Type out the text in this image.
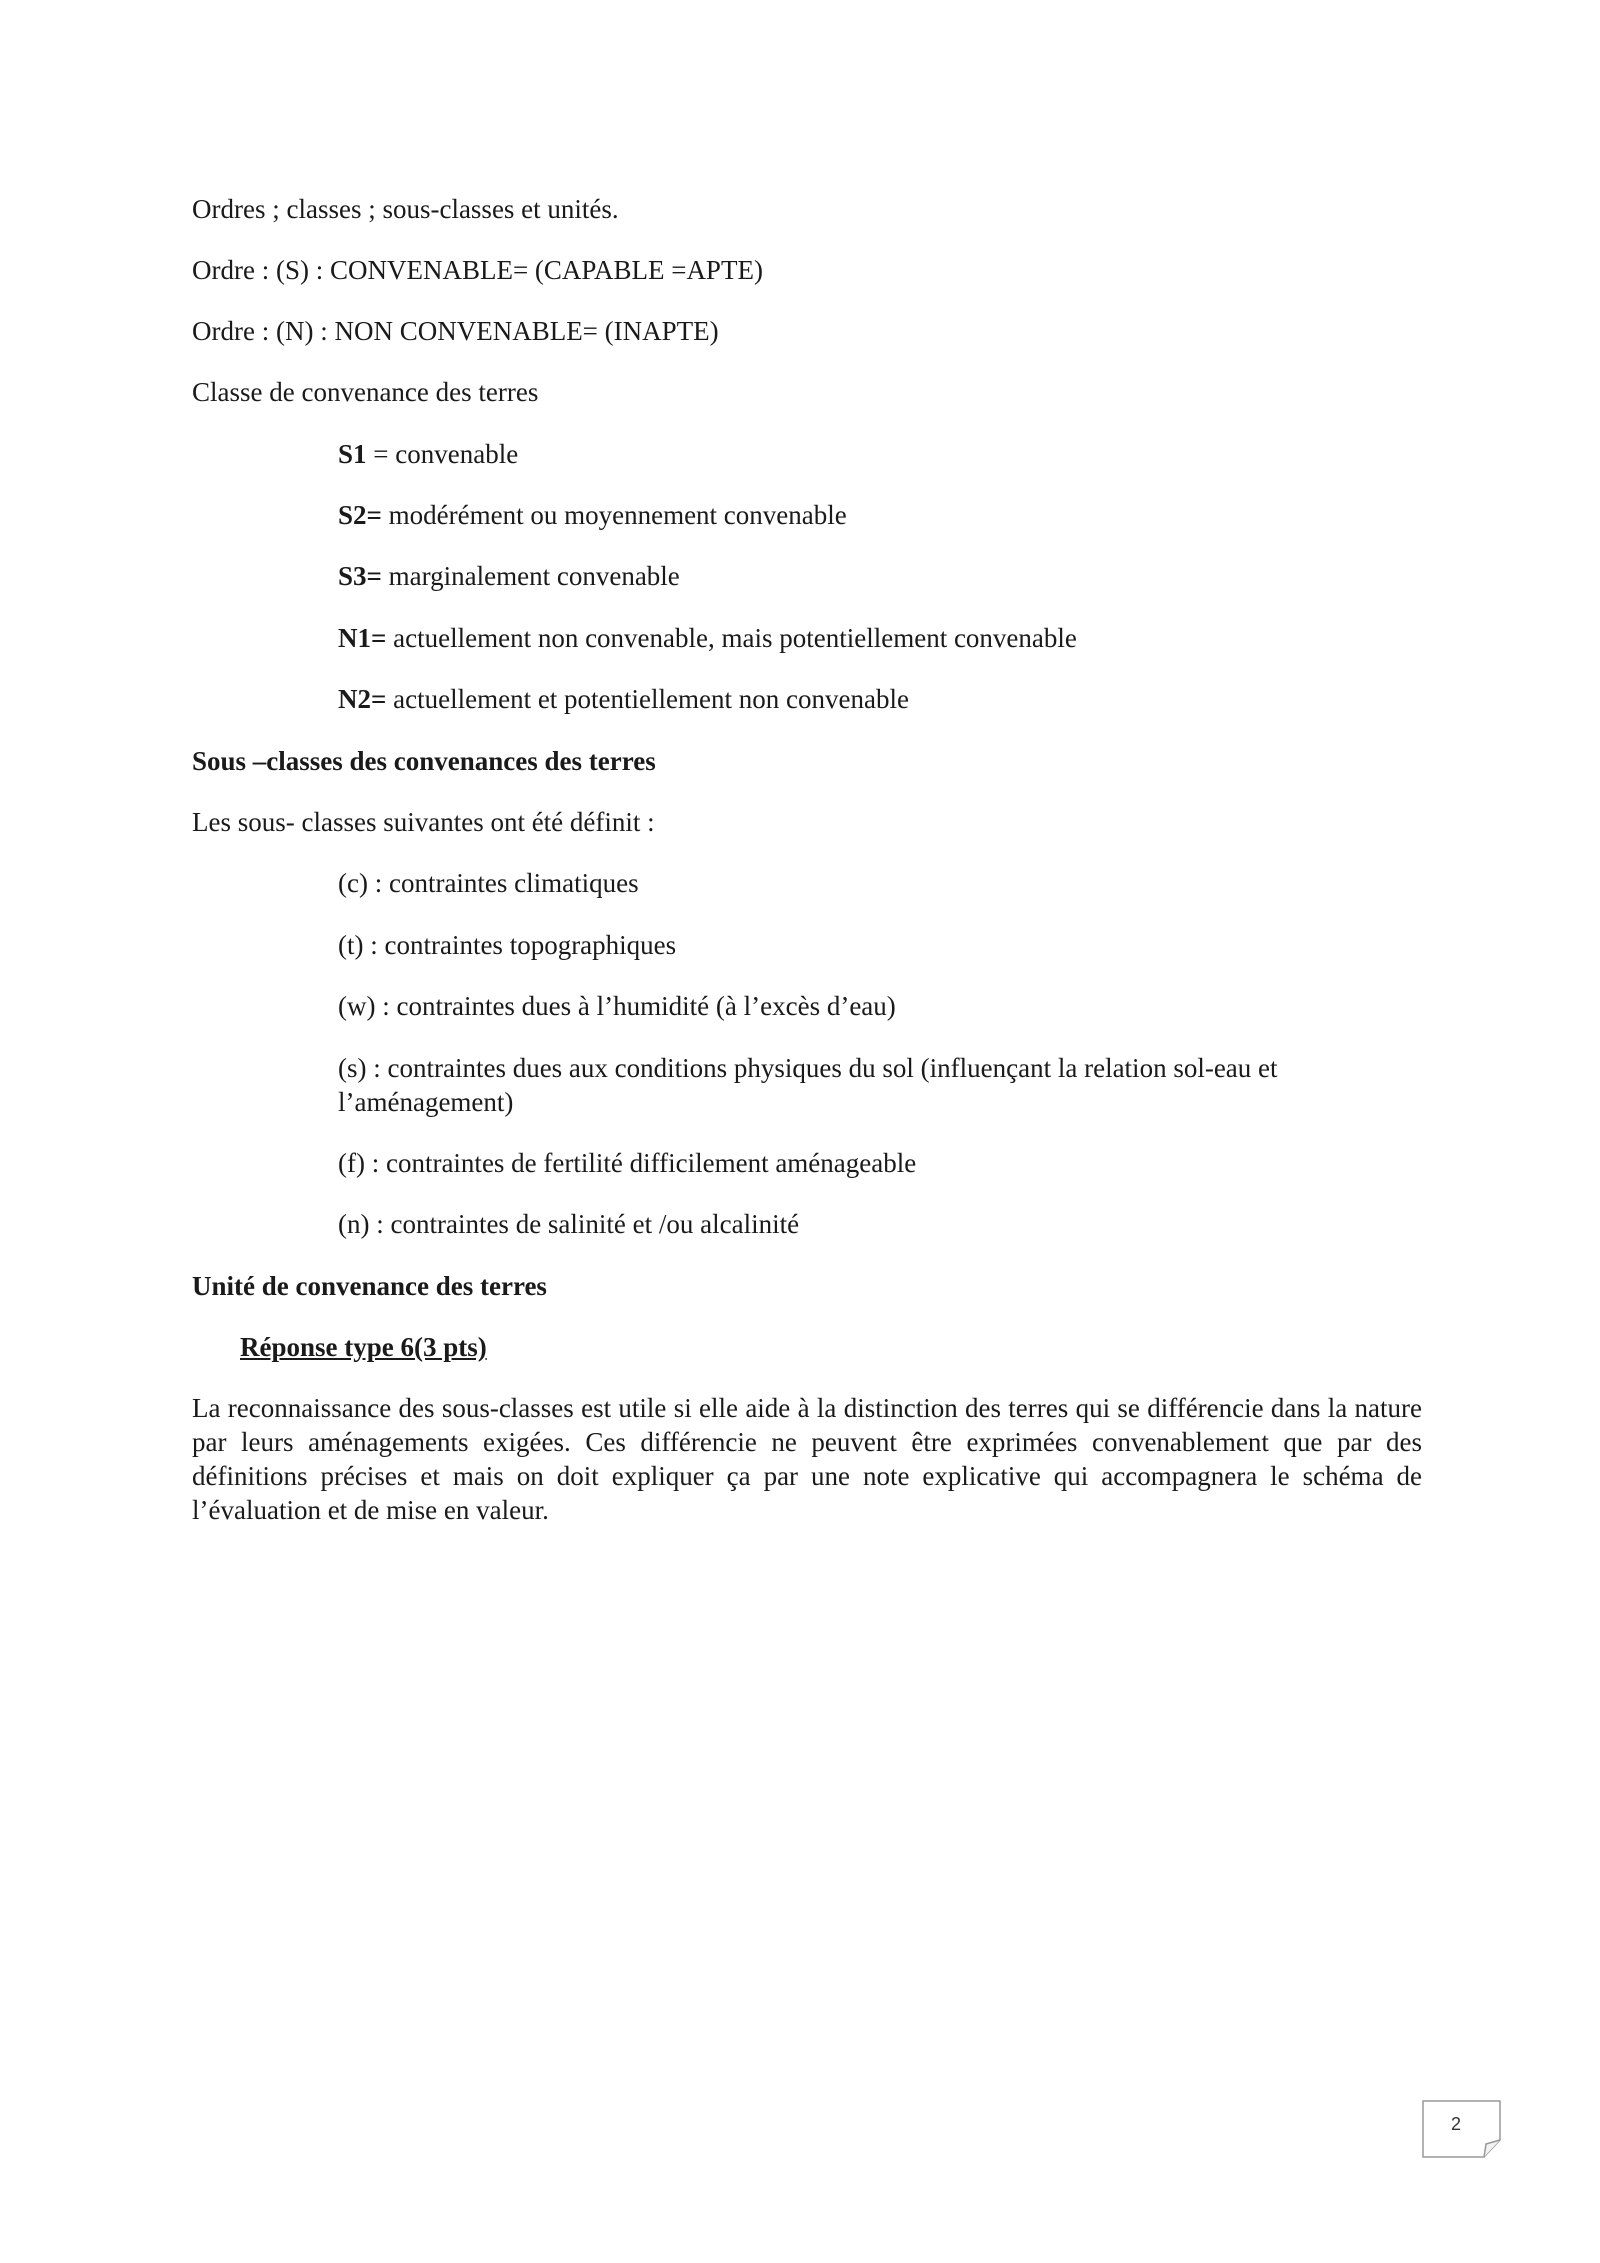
Ordres ; classes ; sous-classes et unités.
Ordre : (S) : CONVENABLE= (CAPABLE =APTE)
Ordre : (N) : NON CONVENABLE= (INAPTE)
Classe de convenance des terres
S1 = convenable
S2= modérément ou moyennement convenable
S3= marginalement convenable
N1= actuellement non convenable, mais potentiellement convenable
N2= actuellement et potentiellement non convenable
Sous –classes des convenances des terres
Les sous- classes suivantes ont été définit :
(c) : contraintes climatiques
(t) : contraintes topographiques
(w) : contraintes dues à l’humidité (à l’excès d’eau)
(s) : contraintes dues aux conditions physiques du sol (influençant la relation sol-eau et l’aménagement)
(f) : contraintes de fertilité difficilement aménageable
(n) : contraintes de salinité et /ou alcalinité
Unité de convenance des terres
Réponse type 6(3 pts)
La reconnaissance des sous-classes est utile si elle aide à la distinction des terres qui se différencie dans la nature par leurs aménagements exigées. Ces différencie ne peuvent être exprimées convenablement que par des définitions précises et mais on doit expliquer ça par une note explicative qui accompagnera le schéma de l’évaluation et de mise en valeur.
2
